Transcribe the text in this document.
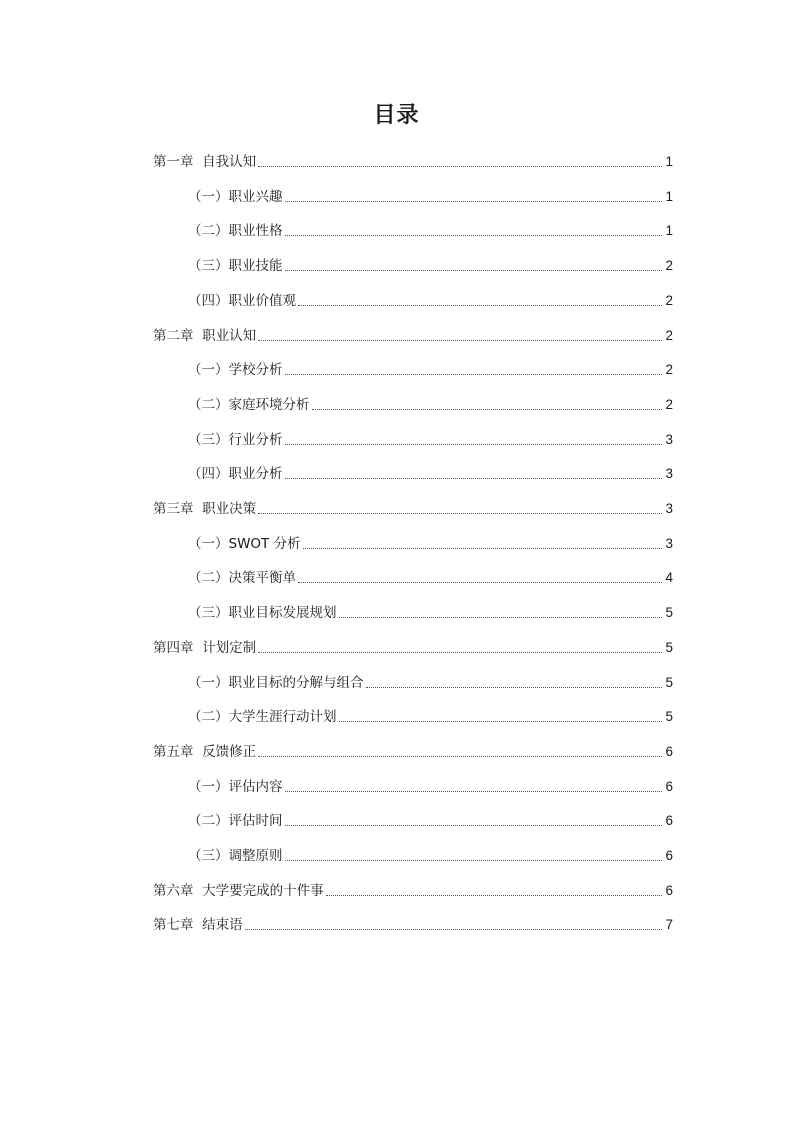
目录
第一章  自我认知	1
（一）职业兴趣	1
（二）职业性格	1
（三）职业技能	2
（四）职业价值观	2
第二章  职业认知	2
（一）学校分析	2
（二）家庭环境分析	2
（三）行业分析	3
（四）职业分析	3
第三章  职业决策	3
（一）SWOT 分析	3
（二）决策平衡单	4
（三）职业目标发展规划	5
第四章  计划定制	5
（一）职业目标的分解与组合	5
（二）大学生涯行动计划	5
第五章  反馈修正	6
（一）评估内容	6
（二）评估时间	6
（三）调整原则	6
第六章  大学要完成的十件事	6
第七章  结束语	7
